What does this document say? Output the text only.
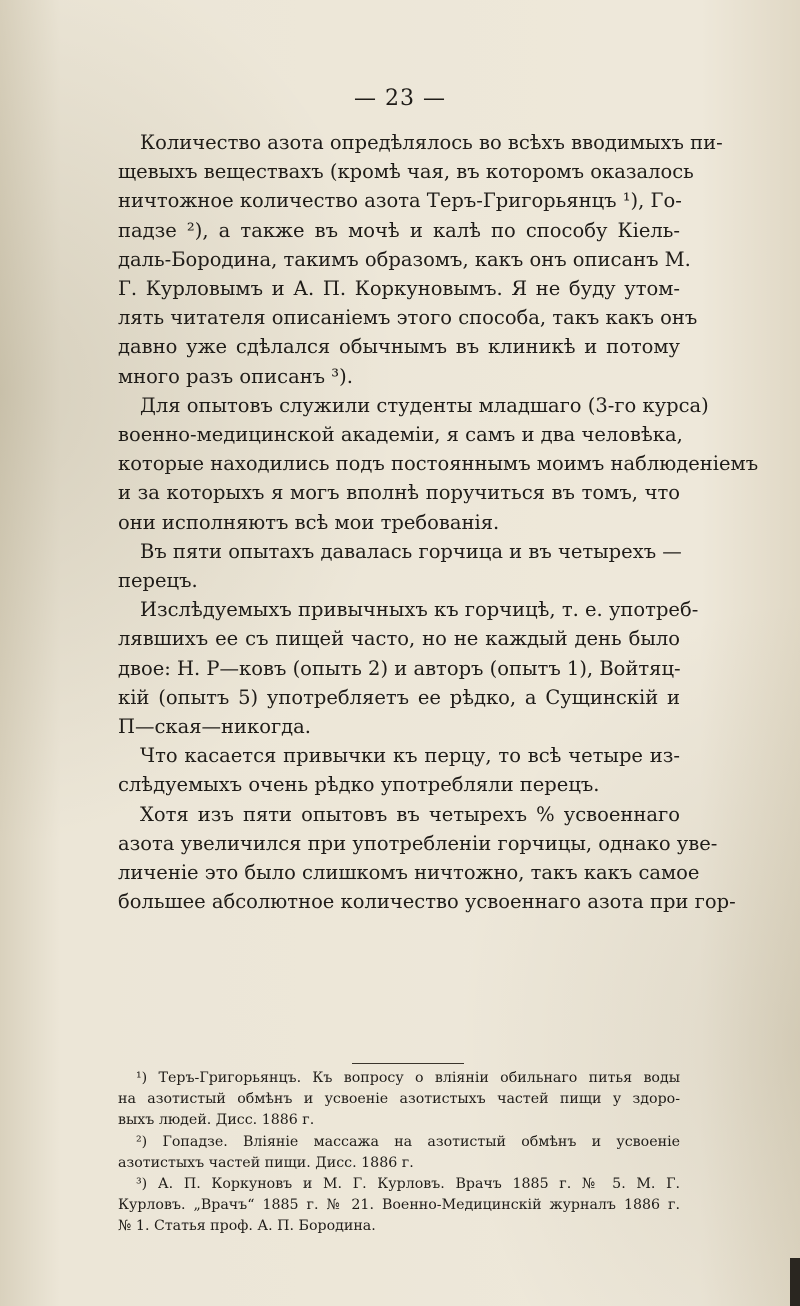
— 23 —
Количество азота опредѣлялось во всѣхъ вводимыхъ пи-
щевыхъ веществахъ (кромѣ чая, въ которомъ оказалось
ничтожное количество азота Теръ-Григорьянцъ ¹), Го-
падзе ²), а также въ мочѣ и калѣ по способу Кіель-
даль-Бородина, такимъ образомъ, какъ онъ описанъ М.
Г. Курловымъ и А. П. Коркуновымъ. Я не буду утом-
лять читателя описаніемъ этого способа, такъ какъ онъ
давно уже сдѣлался обычнымъ въ клиникѣ и потому
много разъ описанъ ³).
Для опытовъ служили студенты младшаго (3-го курса)
военно-медицинской академіи, я самъ и два человѣка,
которые находились подъ постояннымъ моимъ наблюденіемъ
и за которыхъ я могъ вполнѣ поручиться въ томъ, что
они исполняютъ всѣ мои требованія.
Въ пяти опытахъ давалась горчица и въ четырехъ —
перецъ.
Изслѣдуемыхъ привычныхъ къ горчицѣ, т. е. употреб-
лявшихъ ее съ пищей часто, но не каждый день было
двое: Н. Р—ковъ (опыть 2) и авторъ (опытъ 1), Войтяц-
кій (опытъ 5) употребляетъ ее рѣдко, а Сущинскій и
П—ская—никогда.
Что касается привычки къ перцу, то всѣ четыре из-
слѣдуемыхъ очень рѣдко употребляли перецъ.
Хотя изъ пяти опытовъ въ четырехъ % усвоеннаго
азота увеличился при употребленіи горчицы, однако уве-
личеніе это было слишкомъ ничтожно, такъ какъ самое
большее абсолютное количество усвоеннаго азота при гор-
¹) Теръ-Григорьянцъ. Къ вопросу о вліяніи обильнаго питья воды
на азотистый обмѣнъ и усвоеніе азотистыхъ частей пищи у здоро-
выхъ людей. Дисс. 1886 г.
²) Гопадзе. Вліяніе массажа на азотистый обмѣнъ и усвоеніе
азотистыхъ частей пищи. Дисс. 1886 г.
³) А. П. Коркуновъ и М. Г. Курловъ. Врачъ 1885 г. № 5. М. Г.
Курловъ. „Врачъ“ 1885 г. № 21. Военно-Медицинскій журналъ 1886 г.
№ 1. Статья проф. А. П. Бородина.
